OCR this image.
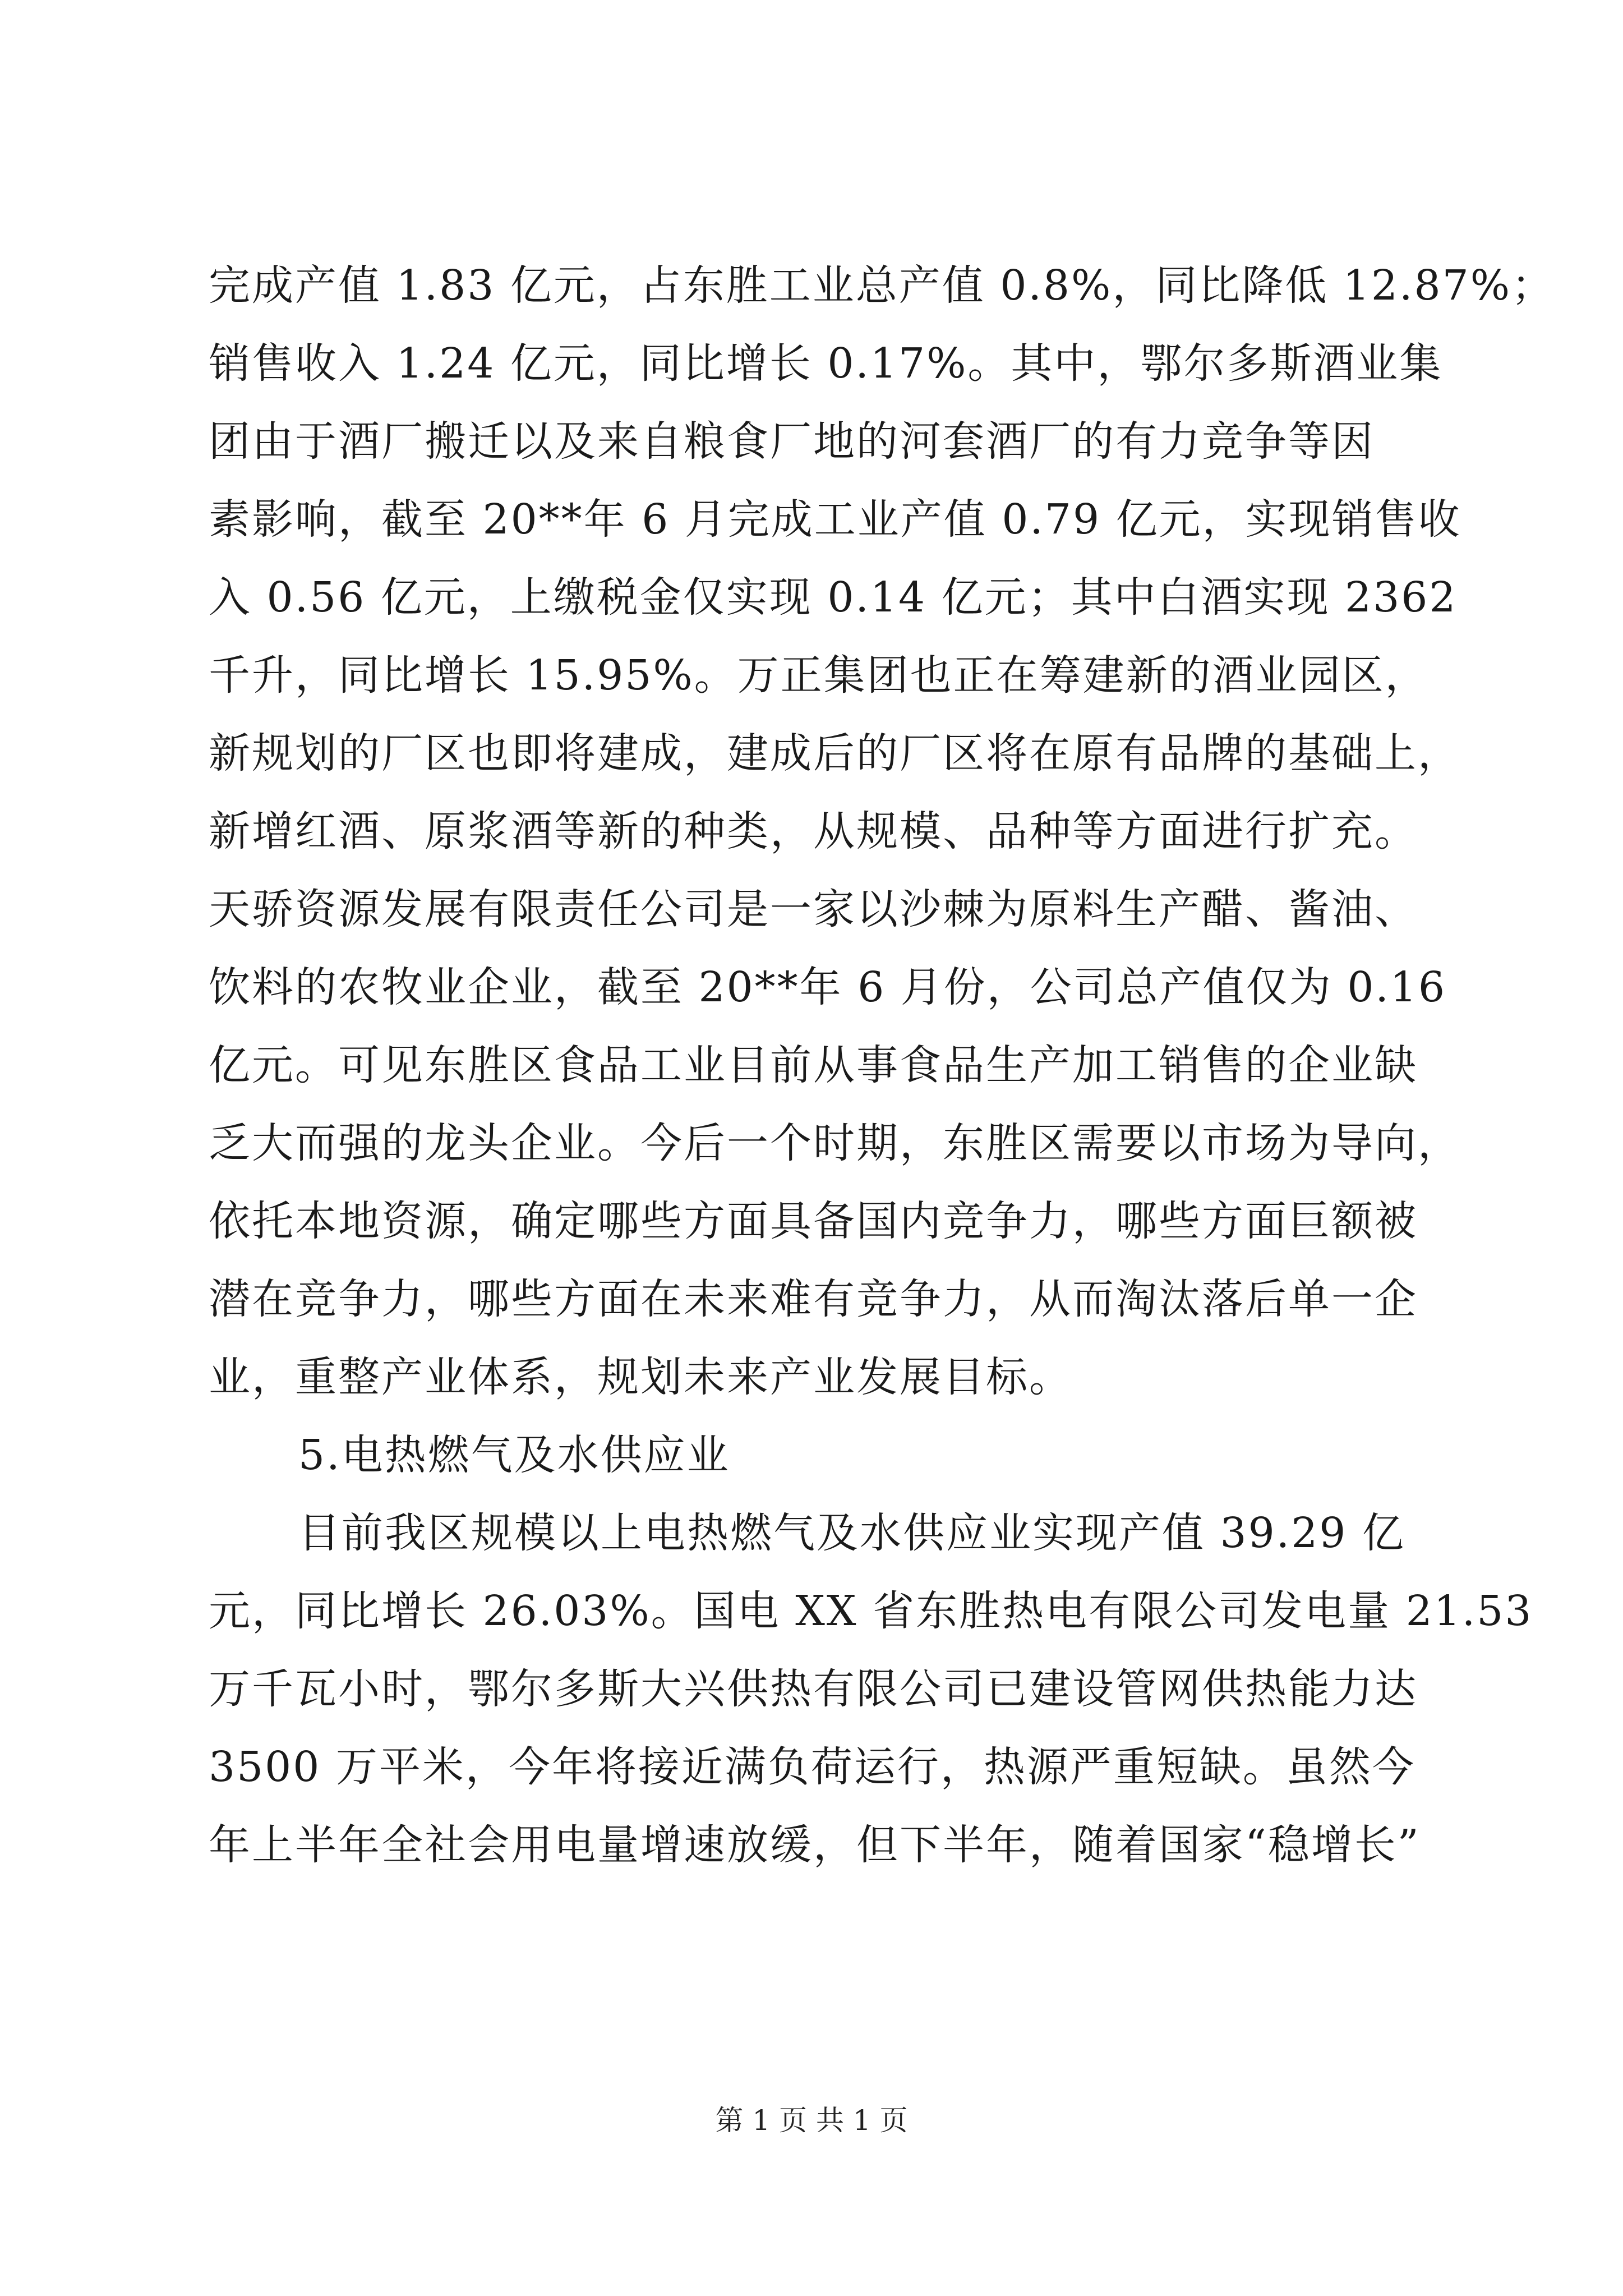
完成产值 1.83 亿元，占东胜工业总产值 0.8%，同比降低 12.87%；
销售收入 1.24 亿元，同比增长 0.17%。其中，鄂尔多斯酒业集
团由于酒厂搬迁以及来自粮食厂地的河套酒厂的有力竞争等因
素影响，截至 20**年 6 月完成工业产值 0.79 亿元，实现销售收
入 0.56 亿元，上缴税金仅实现 0.14 亿元；其中白酒实现 2362
千升，同比增长 15.95%。万正集团也正在筹建新的酒业园区，
新规划的厂区也即将建成，建成后的厂区将在原有品牌的基础上，
新增红酒、原浆酒等新的种类，从规模、品种等方面进行扩充。
天骄资源发展有限责任公司是一家以沙棘为原料生产醋、酱油、
饮料的农牧业企业，截至 20**年 6 月份，公司总产值仅为 0.16
亿元。可见东胜区食品工业目前从事食品生产加工销售的企业缺
乏大而强的龙头企业。今后一个时期，东胜区需要以市场为导向，
依托本地资源，确定哪些方面具备国内竞争力，哪些方面巨额被
潜在竞争力，哪些方面在未来难有竞争力，从而淘汰落后单一企
业，重整产业体系，规划未来产业发展目标。
5.电热燃气及水供应业
目前我区规模以上电热燃气及水供应业实现产值 39.29 亿
元，同比增长 26.03%。国电 XX 省东胜热电有限公司发电量 21.53
万千瓦小时，鄂尔多斯大兴供热有限公司已建设管网供热能力达
3500 万平米，今年将接近满负荷运行，热源严重短缺。虽然今
年上半年全社会用电量增速放缓，但下半年，随着国家“稳增长”
第 1 页 共 1 页
